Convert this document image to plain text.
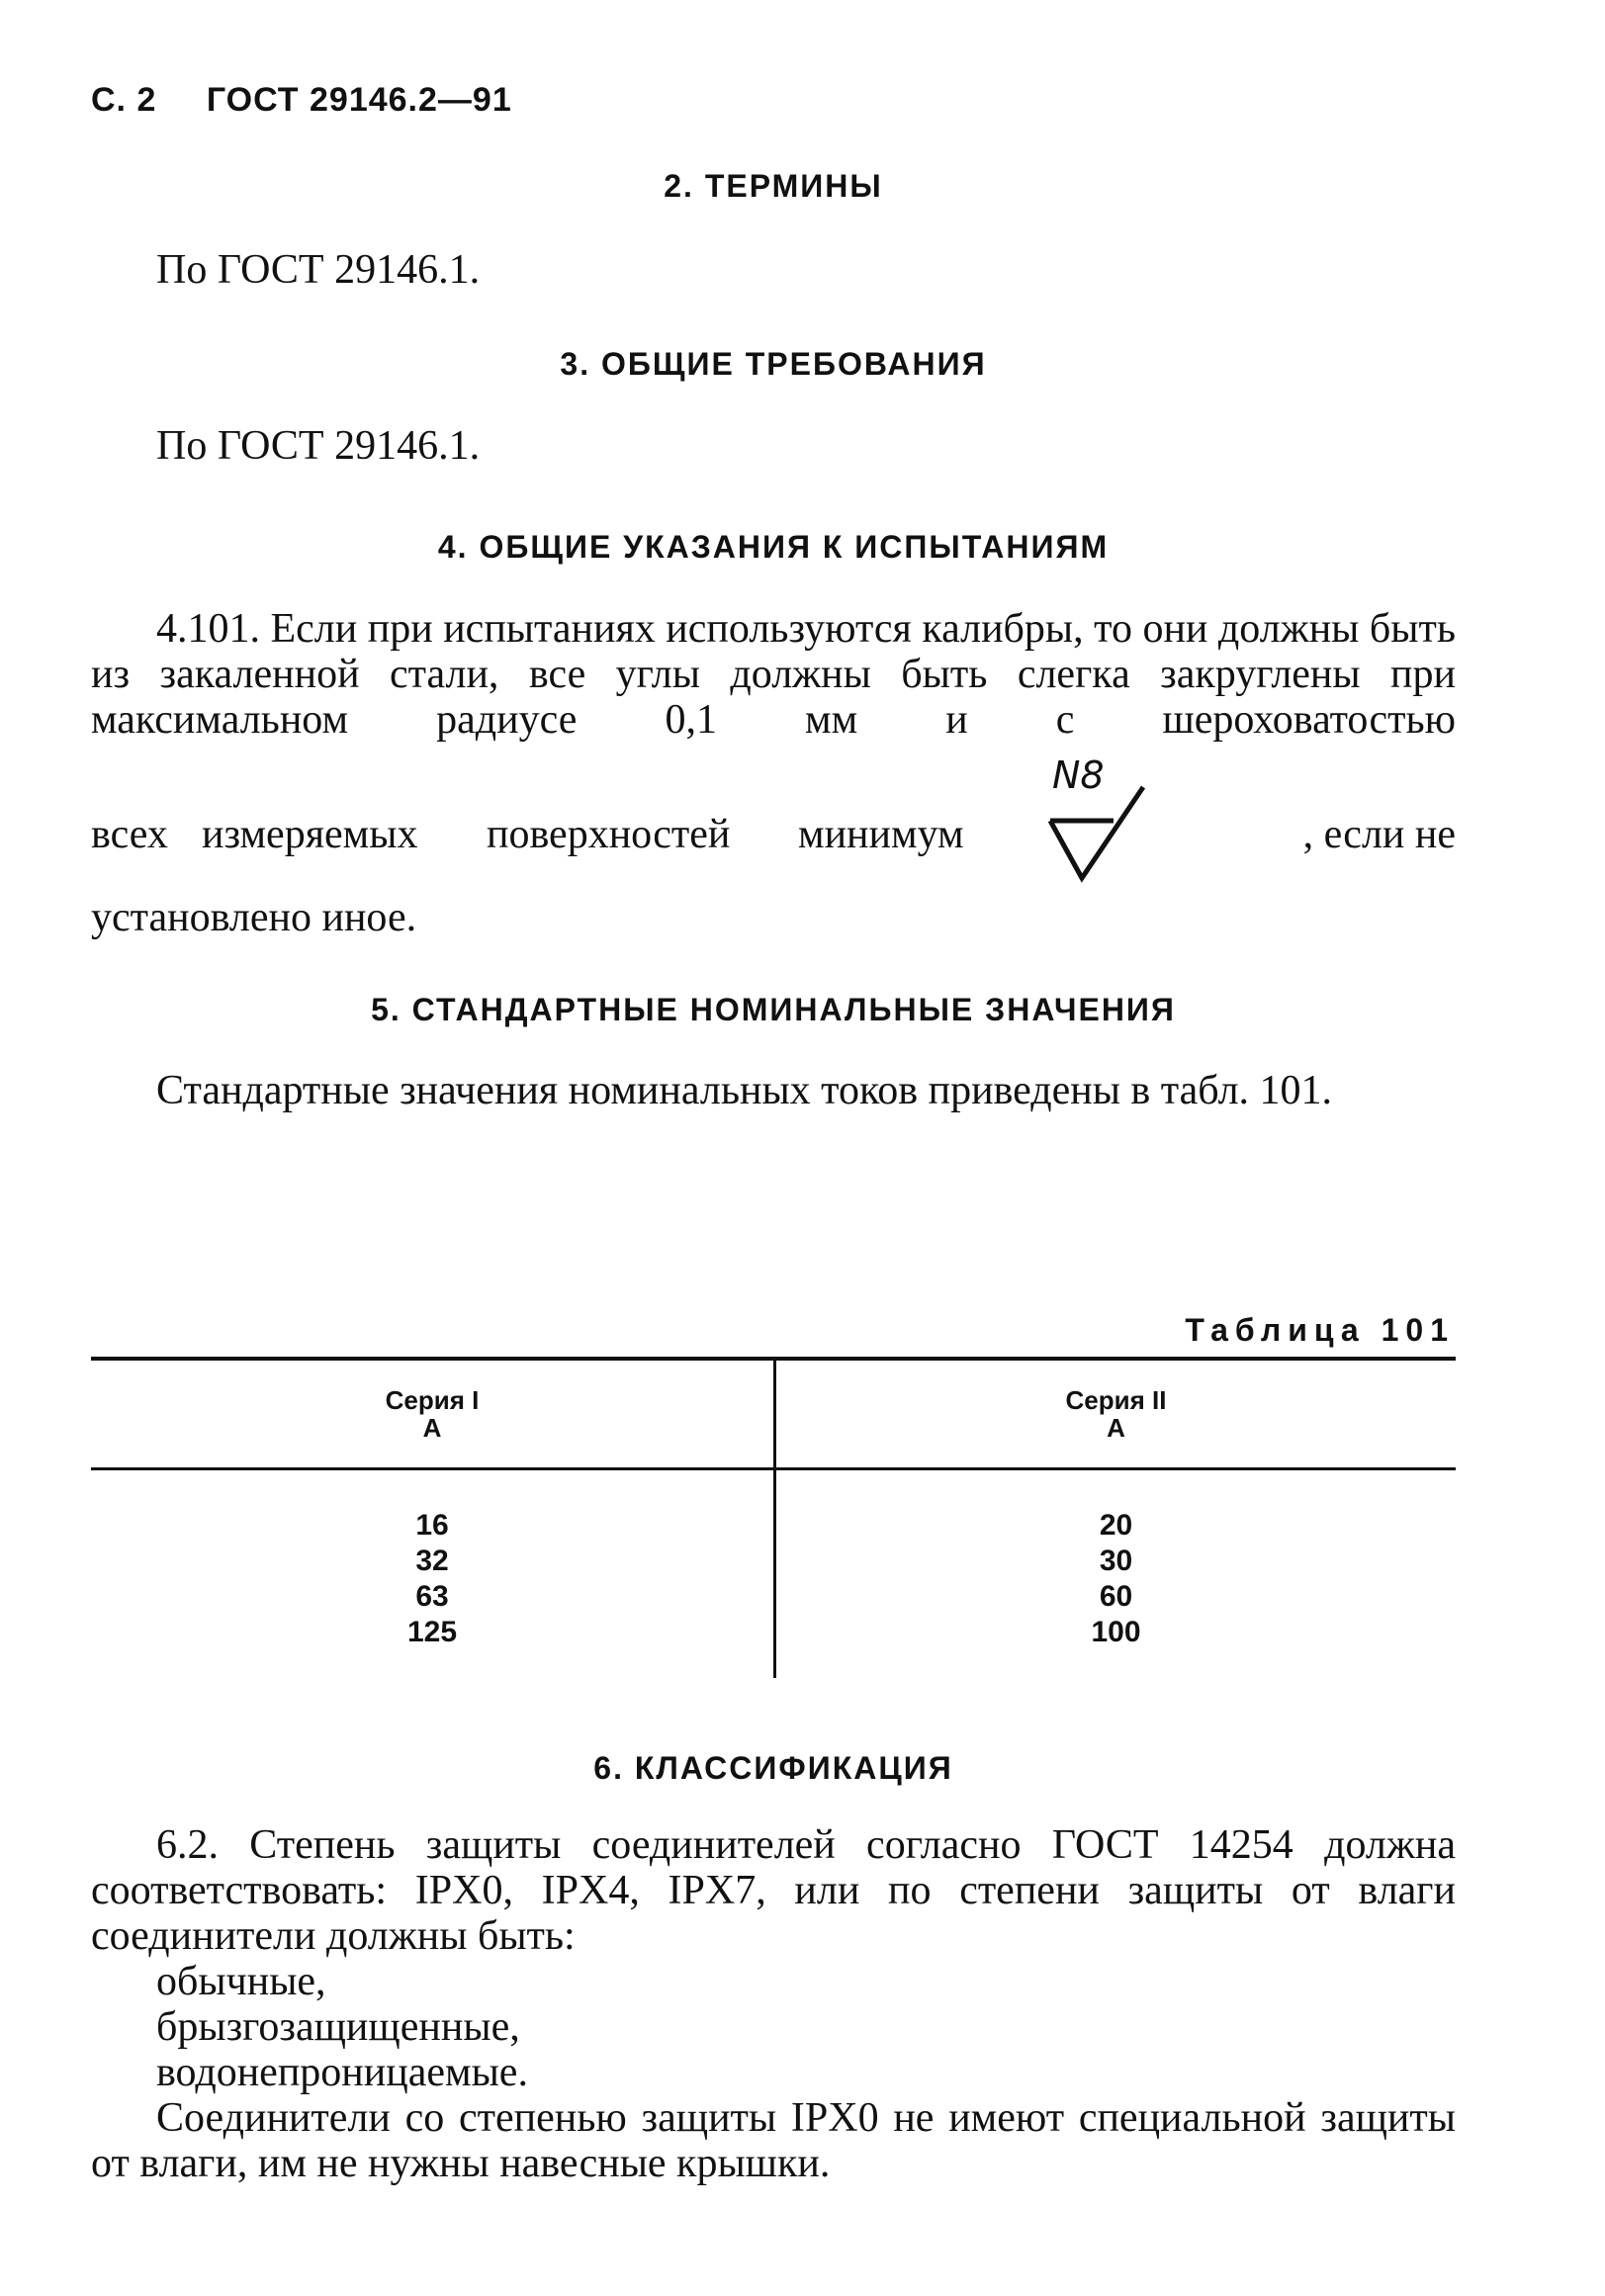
С. 2 ГОСТ 29146.2—91
2. ТЕРМИНЫ
По ГОСТ 29146.1.
3. ОБЩИЕ ТРЕБОВАНИЯ
По ГОСТ 29146.1.
4. ОБЩИЕ УКАЗАНИЯ К ИСПЫТАНИЯМ
4.101. Если при испытаниях используются калибры, то они должны быть из закаленной стали, все углы должны быть слегка закруглены при максимальном радиусе 0,1 мм и с шероховатостью
всех измеряемых поверхностей минимум
N8
, если не
установлено иное.
5. СТАНДАРТНЫЕ НОМИНАЛЬНЫЕ ЗНАЧЕНИЯ
Стандартные значения номинальных токов приведены в табл. 101.
Таблица 101
Серия I
А
Серия II
А
16
32
63
125
20
30
60
100
6. КЛАССИФИКАЦИЯ
6.2. Степень защиты соединителей согласно ГОСТ 14254 должна соответствовать: IPX0, IPX4, IPX7, или по степени защиты от влаги соединители должны быть:
обычные,
брызгозащищенные,
водонепроницаемые.
Соединители со степенью защиты IPX0 не имеют специальной защиты от влаги, им не нужны навесные крышки.
